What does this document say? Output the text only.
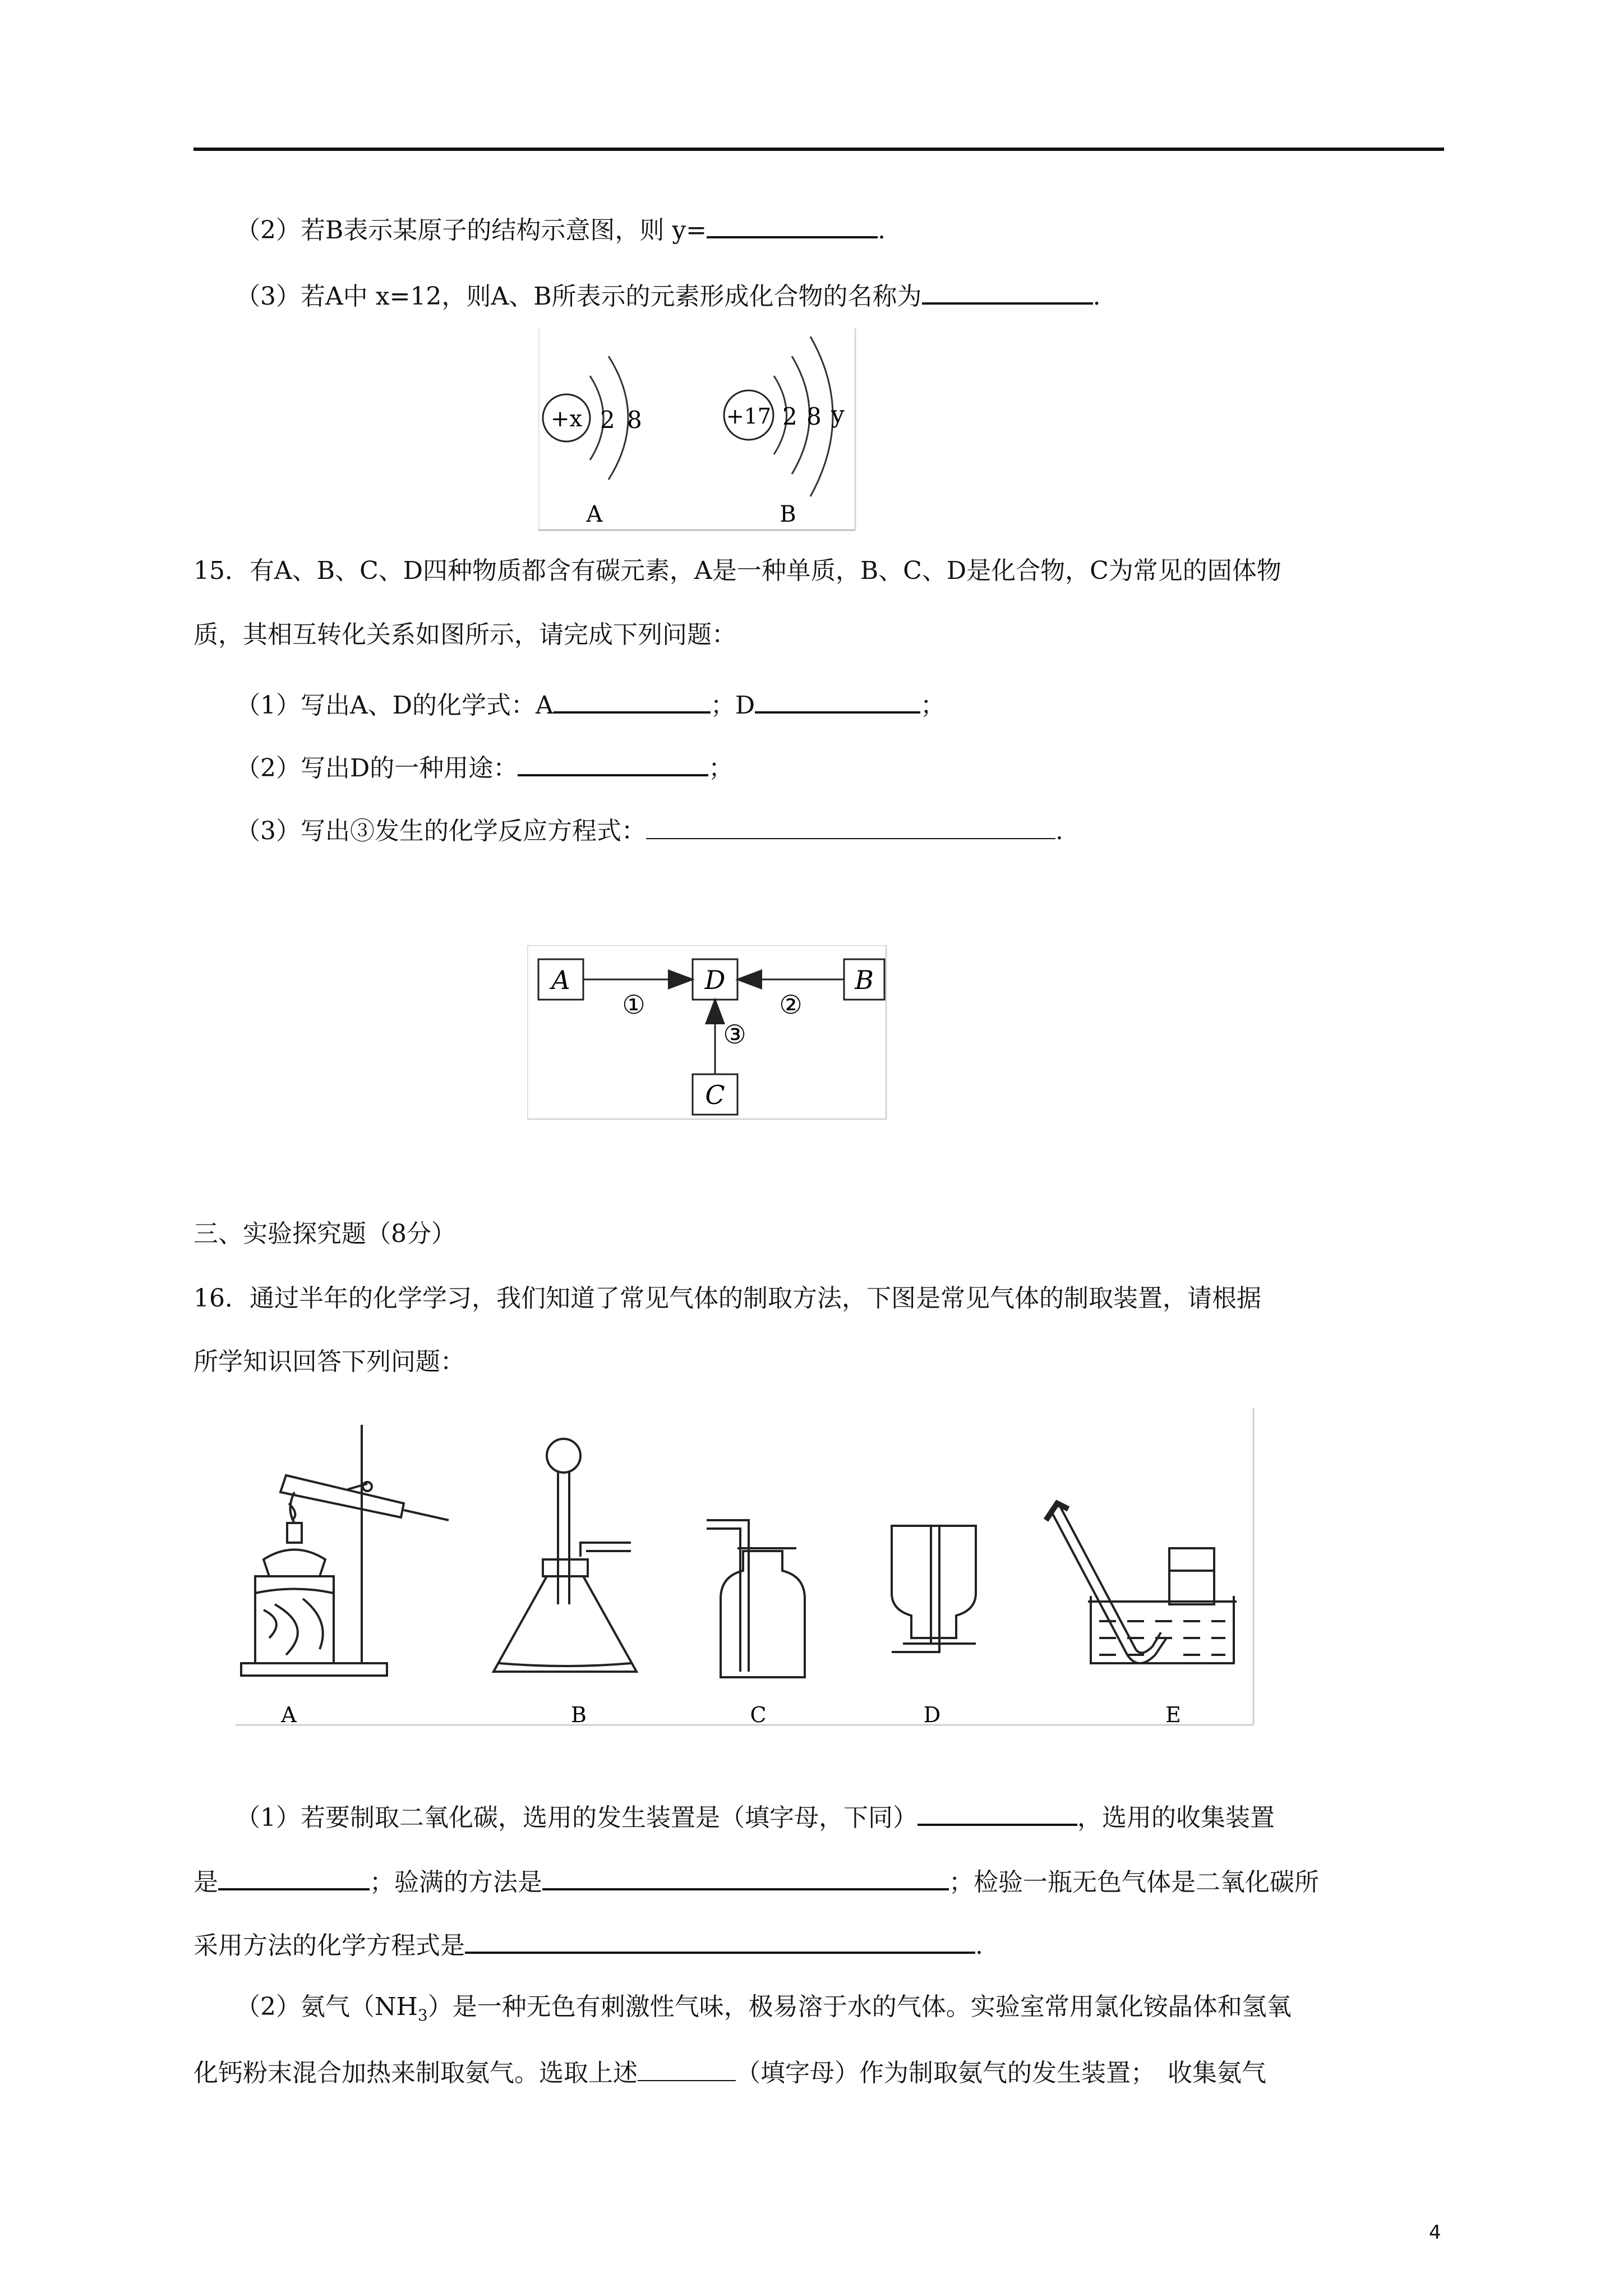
（2）若B表示某原子的结构示意图，则 y=	.
（3）若A中 x=12，则A、B所表示的元素形成化合物的名称为	.
+x 2 8
A
+17 2 8 y
B
15．有A、B、C、D四种物质都含有碳元素，A是一种单质，B、C、D是化合物，C为常见的固体物
质，其相互转化关系如图所示，请完成下列问题：
（1）写出A、D的化学式：A	；D	；
（2）写出D的一种用途：	；
（3）写出③发生的化学反应方程式：	.
A	D	B
C
①	②
③
三、实验探究题（8分）
16．通过半年的化学学习，我们知道了常见气体的制取方法，下图是常见气体的制取装置，请根据
所学知识回答下列问题：
A	B	C	D	E
（1）若要制取二氧化碳，选用的发生装置是（填字母，下同）	，选用的收集装置
是	；验满的方法是	；检验一瓶无色气体是二氧化碳所
采用方法的化学方程式是	.
（2）氨气$(NH_3)$是一种无色有刺激性气味，极易溶于水的气体。实验室常用氯化铵晶体和氢氧
化钙粉末混合加热来制取氨气。选取上述	（填字母）作为制取氨气的发生装置；　收集氨气
4
